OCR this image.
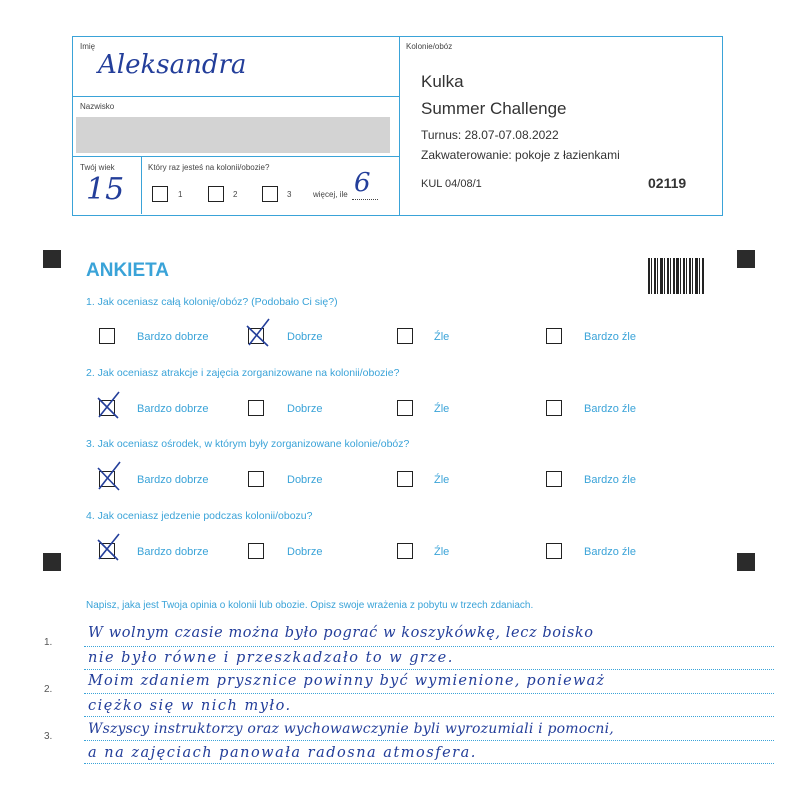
Imię
Aleksandra
Nazwisko
Twój wiek
15
Który raz jesteś na kolonii/obozie?
1	2	3	więcej, ile 6
Kolonie/obóz
Kulka
Summer Challenge
Turnus: 28.07-07.08.2022
Zakwaterowanie: pokoje z łazienkami
KUL 04/08/1	02119
ANKIETA
1. Jak oceniasz całą kolonię/obóz? (Podobało Ci się?)
2. Jak oceniasz atrakcje i zajęcia zorganizowane na kolonii/obozie?
3. Jak oceniasz ośrodek, w którym były zorganizowane kolonie/obóz?
4. Jak oceniasz jedzenie podczas kolonii/obozu?
Bardzo dobrze	Dobrze	Źle	Bardzo źle
Bardzo dobrze	Dobrze	Źle	Bardzo źle
Bardzo dobrze	Dobrze	Źle	Bardzo źle
Bardzo dobrze	Dobrze	Źle	Bardzo źle
Napisz, jaka jest Twoja opinia o kolonii lub obozie. Opisz swoje wrażenia z pobytu w trzech zdaniach.
1.
2.
3.
W wolnym czasie można było pograć w koszykówkę, lecz boisko
nie było równe i przeszkadzało to w grze.
Moim zdaniem prysznice powinny być wymienione, ponieważ
ciężko się w nich myło.
Wszyscy instruktorzy oraz wychowawczynie byli wyrozumiali i pomocni,
a na zajęciach panowała radosna atmosfera.
